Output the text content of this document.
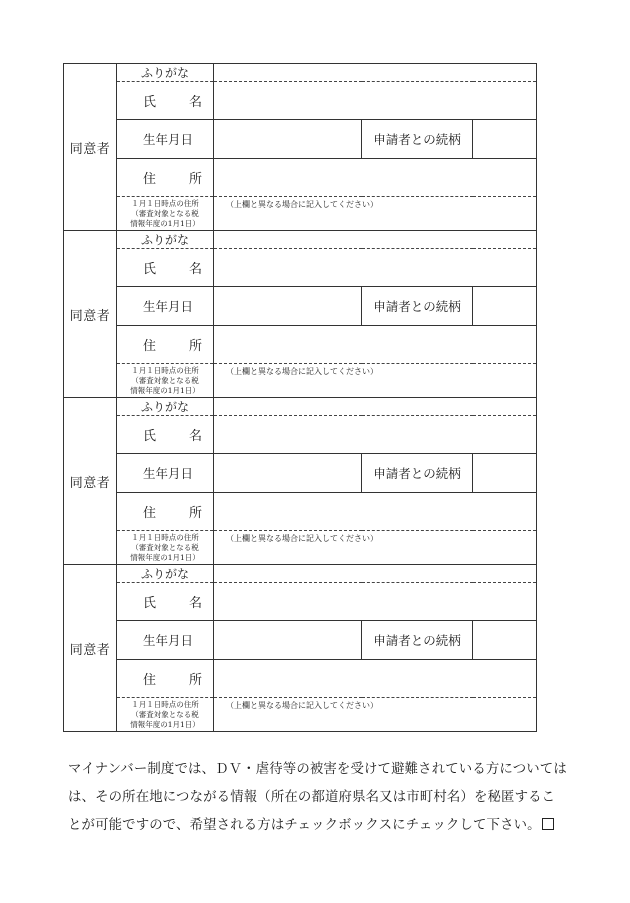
同意者	ふりがな			
	氏　名			
	生年月日		申請者との続柄	
	住　所			
	１月１日時点の住所
（審査対象となる税
情報年度の1月1日）	（上欄と異なる場合に記入してください）		
同意者	ふりがな			
	氏　名			
	生年月日		申請者との続柄	
	住　所			
	１月１日時点の住所
（審査対象となる税
情報年度の1月1日）	（上欄と異なる場合に記入してください）		
同意者	ふりがな			
	氏　名			
	生年月日		申請者との続柄	
	住　所			
	１月１日時点の住所
（審査対象となる税
情報年度の1月1日）	（上欄と異なる場合に記入してください）		
同意者	ふりがな			
	氏　名			
	生年月日		申請者との続柄	
	住　所			
	１月１日時点の住所
（審査対象となる税
情報年度の1月1日）	（上欄と異なる場合に記入してください）		
マイナンバー制度では、ＤＶ・虐待等の被害を受けて避難されている方については
は、その所在地につながる情報（所在の都道府県名又は市町村名）を秘匿するこ
とが可能ですので、希望される方はチェックボックスにチェックして下さい。
